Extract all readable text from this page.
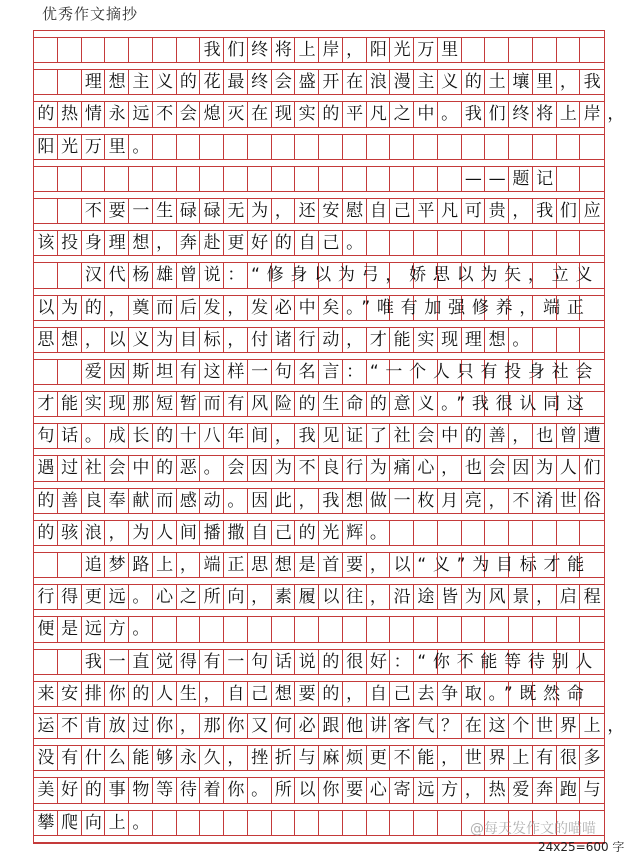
优秀作文摘抄
　　　　　　　我们终将上岸，阳光万里
　　理想主义的花最终会盛开在浪漫主义的土壤里，我
的热情永远不会熄灭在现实的平凡之中。我们终将上岸，
阳光万里。
　　　　　　　　　　　　　　　　　　——题记
　　不要一生碌碌无为，还安慰自己平凡可贵，我们应
该投身理想，奔赴更好的自己。
　　汉代杨雄曾说：“修身以为弓，娇思以为矢，立义
以为的，奠而后发，发必中矣。”唯有加强修养，端正
思想，以义为目标，付诸行动，才能实现理想。
　　爱因斯坦有这样一句名言：“一个人只有投身社会
才能实现那短暂而有风险的生命的意义。”我很认同这
句话。成长的十八年间，我见证了社会中的善，也曾遭
遇过社会中的恶。会因为不良行为痛心，也会因为人们
的善良奉献而感动。因此，我想做一枚月亮，不淆世俗
的骇浪，为人间播撒自己的光辉。
　　追梦路上，端正思想是首要，以“义”为目标才能
行得更远。心之所向，素履以往，沿途皆为风景，启程
便是远方。
　　我一直觉得有一句话说的很好：“你不能等待别人
来安排你的人生，自己想要的，自己去争取。”既然命
运不肯放过你，那你又何必跟他讲客气？在这个世界上，
没有什么能够永久，挫折与麻烦更不能，世界上有很多
美好的事物等待着你。所以你要心寄远方，热爱奔跑与
攀爬向上。	@每天发作文的喵喵
24x25=600 字
